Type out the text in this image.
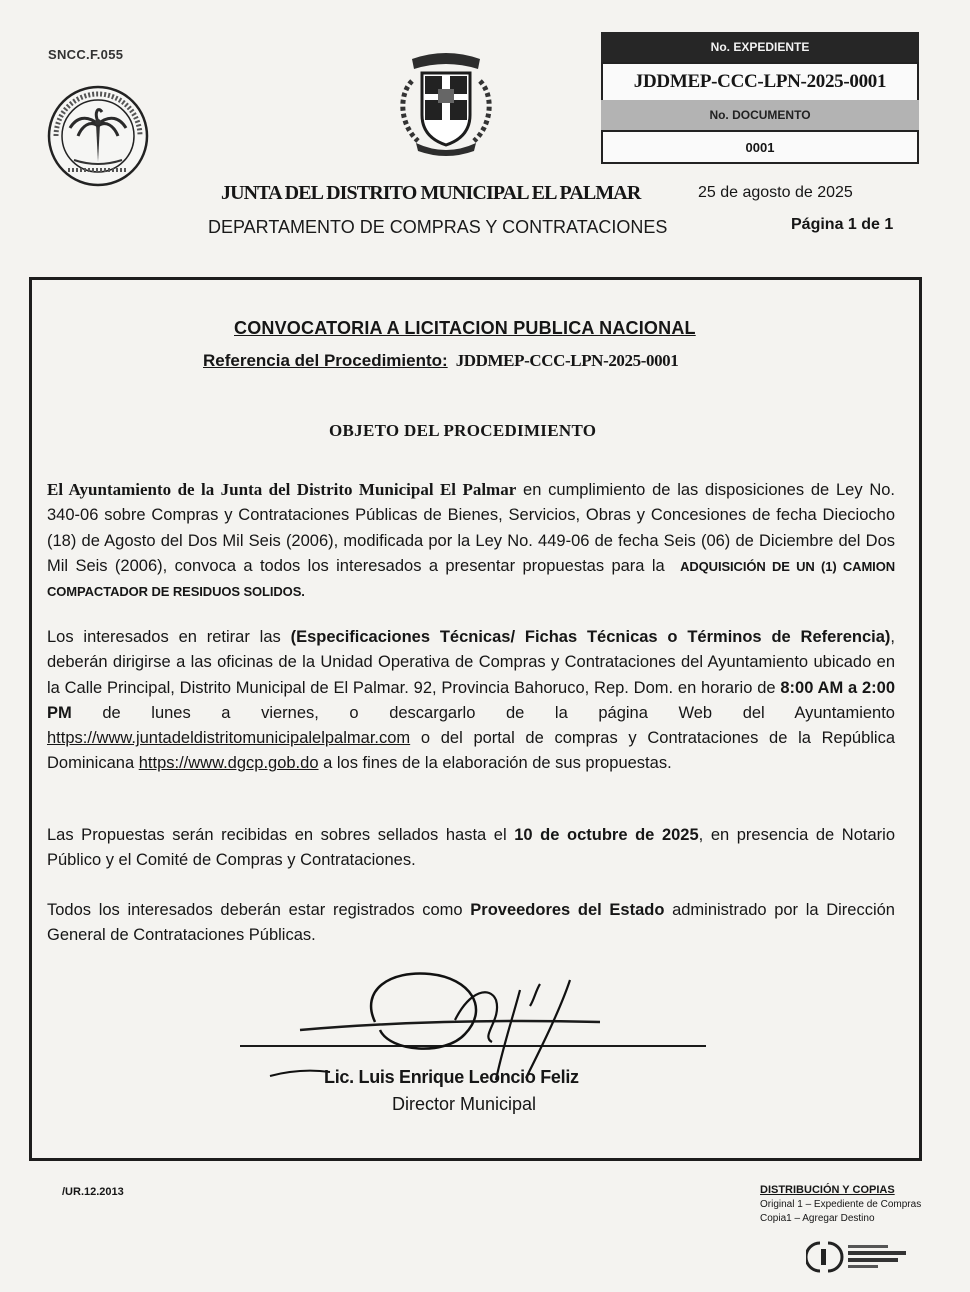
SNCC.F.055	No. EXPEDIENTE
JDDMEP-CCC-LPN-2025-0001
No. DOCUMENTO
0001
JUNTA DEL DISTRITO MUNICIPAL EL PALMAR
DEPARTAMENTO DE COMPRAS Y CONTRATACIONES
25 de agosto de 2025
Página 1 de 1
CONVOCATORIA A LICITACION PUBLICA NACIONAL
Referencia del Procedimiento: JDDMEP-CCC-LPN-2025-0001
OBJETO DEL PROCEDIMIENTO
El Ayuntamiento de la Junta del Distrito Municipal El Palmar en cumplimiento de las disposiciones de Ley No. 340-06 sobre Compras y Contrataciones Públicas de Bienes, Servicios, Obras y Concesiones de fecha Dieciocho (18) de Agosto del Dos Mil Seis (2006), modificada por la Ley No. 449-06 de fecha Seis (06) de Diciembre del Dos Mil Seis (2006), convoca a todos los interesados a presentar propuestas para la ADQUISICIÓN DE UN (1) CAMION COMPACTADOR DE RESIDUOS SOLIDOS.
Los interesados en retirar las (Especificaciones Técnicas/ Fichas Técnicas o Términos de Referencia), deberán dirigirse a las oficinas de la Unidad Operativa de Compras y Contrataciones del Ayuntamiento ubicado en la Calle Principal, Distrito Municipal de El Palmar. 92, Provincia Bahoruco, Rep. Dom. en horario de 8:00 AM a 2:00 PM de lunes a viernes, o descargarlo de la página Web del Ayuntamiento https://www.juntadeldistritomunicipalelpalmar.com o del portal de compras y Contrataciones de la República Dominicana https://www.dgcp.gob.do a los fines de la elaboración de sus propuestas.
Las Propuestas serán recibidas en sobres sellados hasta el 10 de octubre de 2025, en presencia de Notario Público y el Comité de Compras y Contrataciones.
Todos los interesados deberán estar registrados como Proveedores del Estado administrado por la Dirección General de Contrataciones Públicas.
Lic. Luis Enrique Leoncio Feliz
Director Municipal
/UR.12.2013	DISTRIBUCIÓN Y COPIAS
Original 1 – Expediente de Compras
Copia1 – Agregar Destino
